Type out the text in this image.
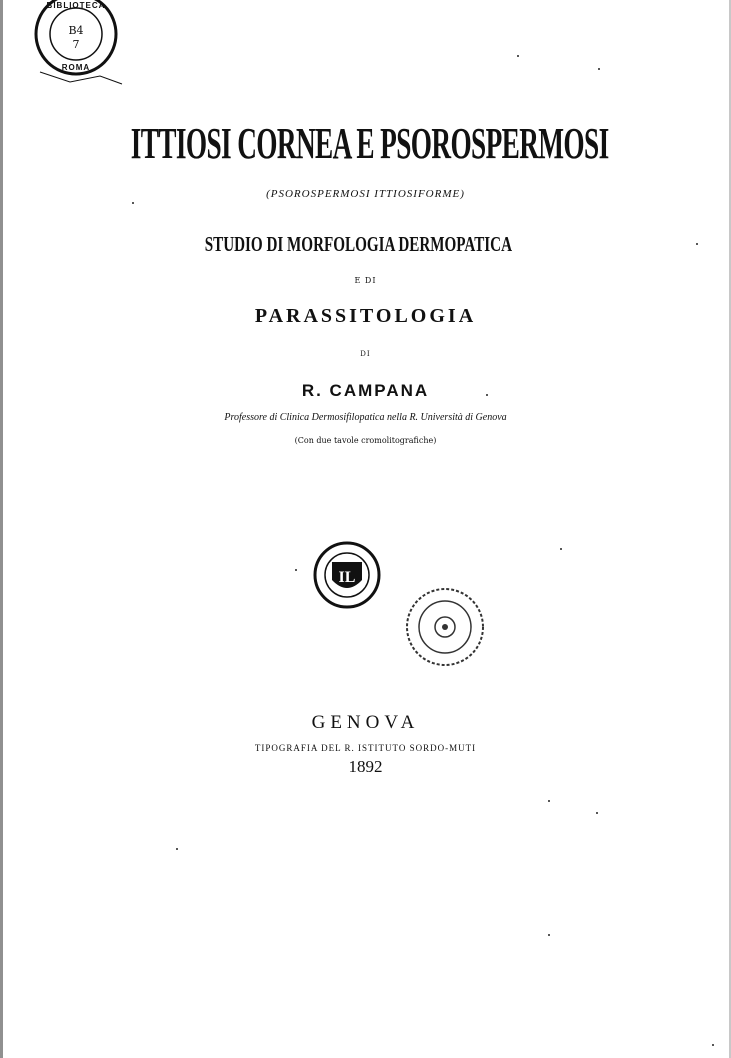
BIBLIOTECA
ROMA
B4
7
ITTIOSI CORNEA E PSOROSPERMOSI
(PSOROSPERMOSI ITTIOSIFORME)
STUDIO DI MORFOLOGIA DERMOPATICA
E DI
PARASSITOLOGIA
DI
R. CAMPANA
Professore di Clinica Dermosifilopatica nella R. Università di Genova
(Con due tavole cromolitografiche)
IL
GENOVA
TIPOGRAFIA DEL R. ISTITUTO SORDO-MUTI
1892
